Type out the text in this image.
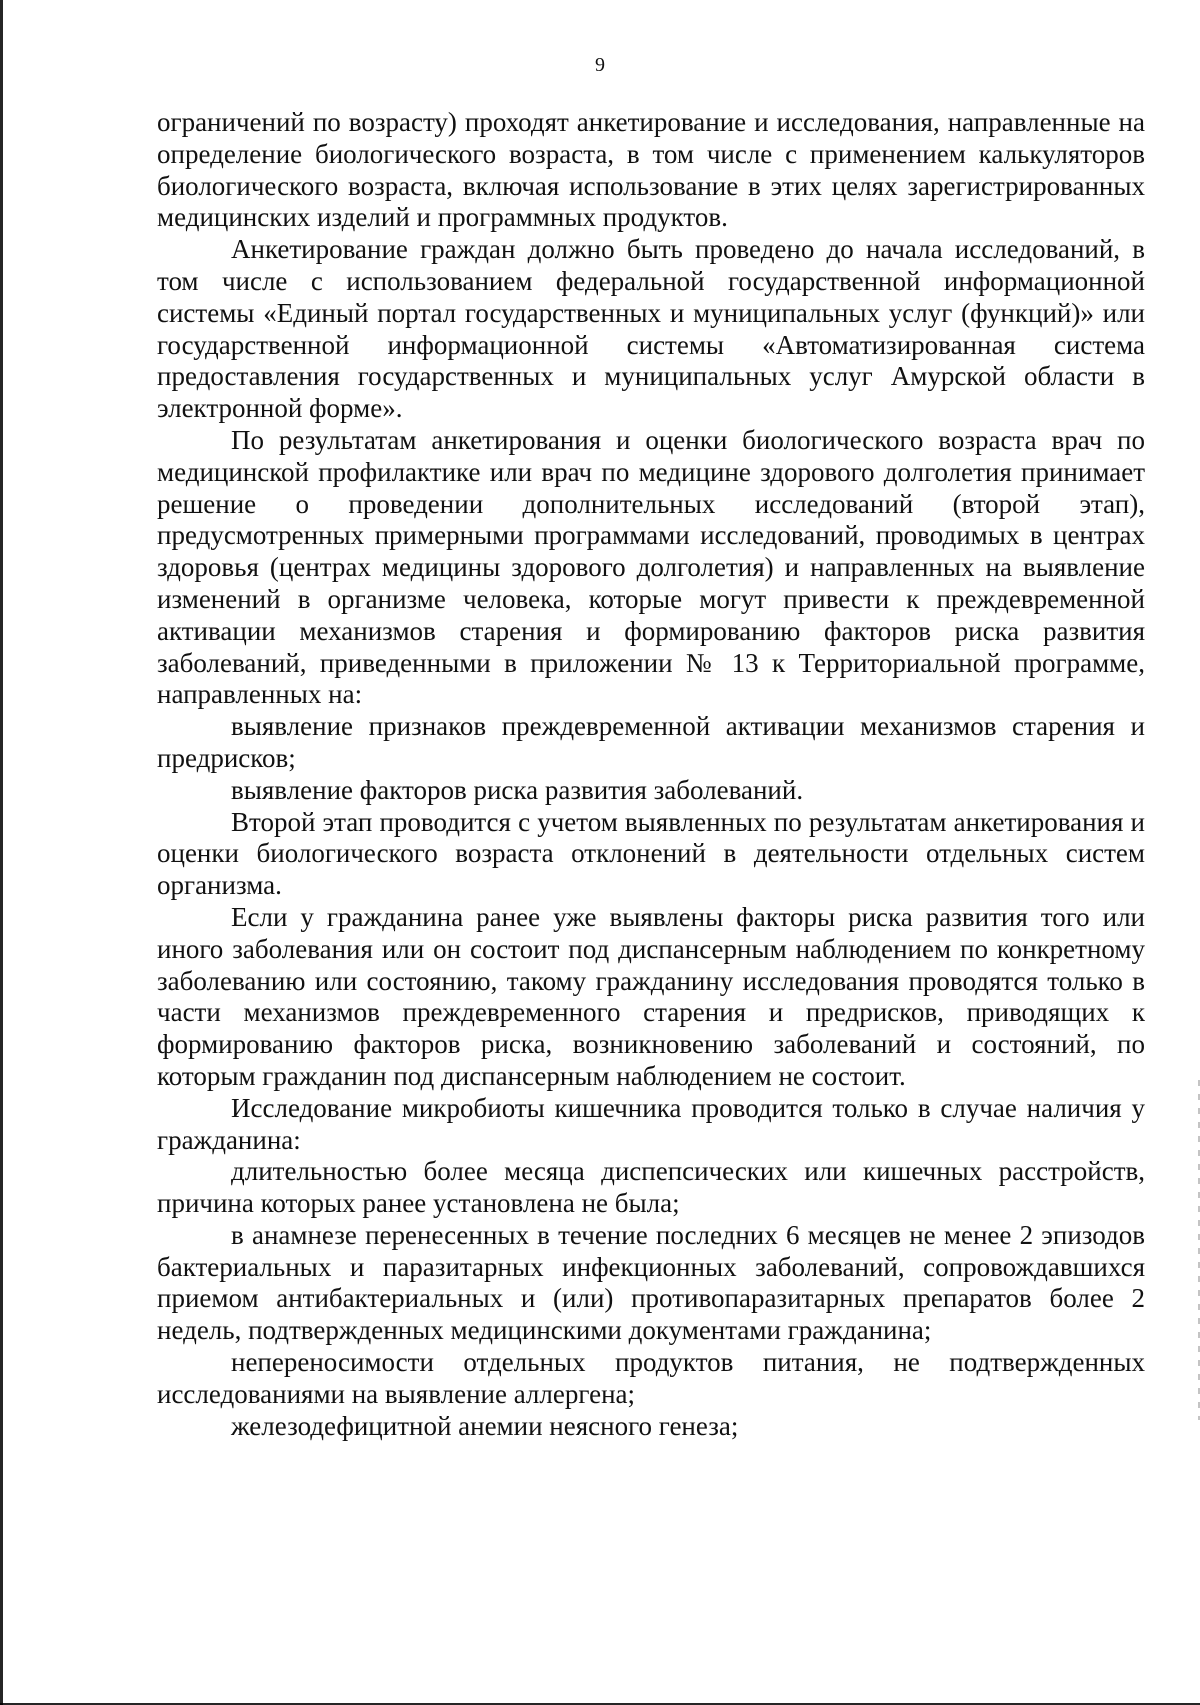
9

ограничений по возрасту) проходят анкетирование и исследования, направленные на определение биологического возраста, в том числе с применением калькуляторов биологического возраста, включая использование в этих целях зарегистрированных медицинских изделий и программных продуктов.

Анкетирование граждан должно быть проведено до начала исследований, в том числе с использованием федеральной государственной информационной системы «Единый портал государственных и муниципальных услуг (функций)» или государственной информационной системы «Автоматизированная система предоставления государственных и муниципальных услуг Амурской области в электронной форме».

По результатам анкетирования и оценки биологического возраста врач по медицинской профилактике или врач по медицине здорового долголетия принимает решение о проведении дополнительных исследований (второй этап), предусмотренных примерными программами исследований, проводимых в центрах здоровья (центрах медицины здорового долголетия) и направленных на выявление изменений в организме человека, которые могут привести к преждевременной активации механизмов старения и формированию факторов риска развития заболеваний, приведенными в приложении № 13 к Территориальной программе, направленных на:

выявление признаков преждевременной активации механизмов старения и предрисков;

выявление факторов риска развития заболеваний.

Второй этап проводится с учетом выявленных по результатам анкетирования и оценки биологического возраста отклонений в деятельности отдельных систем организма.

Если у гражданина ранее уже выявлены факторы риска развития того или иного заболевания или он состоит под диспансерным наблюдением по конкретному заболеванию или состоянию, такому гражданину исследования проводятся только в части механизмов преждевременного старения и предрисков, приводящих к формированию факторов риска, возникновению заболеваний и состояний, по которым гражданин под диспансерным наблюдением не состоит.

Исследование микробиоты кишечника проводится только в случае наличия у гражданина:

длительностью более месяца диспепсических или кишечных расстройств, причина которых ранее установлена не была;

в анамнезе перенесенных в течение последних 6 месяцев не менее 2 эпизодов бактериальных и паразитарных инфекционных заболеваний, сопровождавшихся приемом антибактериальных и (или) противопаразитарных препаратов более 2 недель, подтвержденных медицинскими документами гражданина;

непереносимости отдельных продуктов питания, не подтвержденных исследованиями на выявление аллергена;

железодефицитной анемии неясного генеза;
